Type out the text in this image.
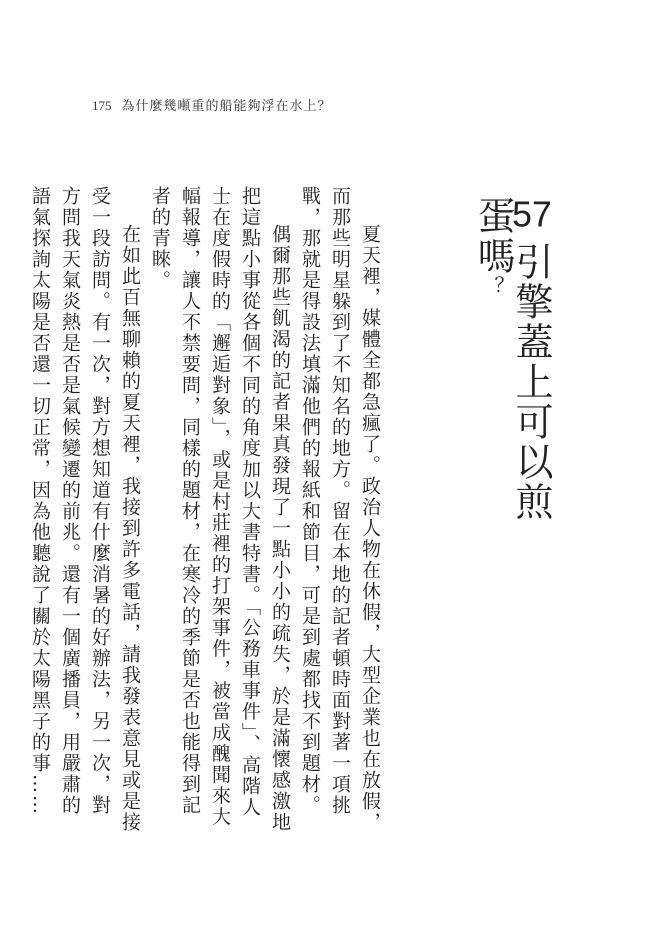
175 為什麼幾噸重的船能夠浮在水上？
57引擎蓋上可以煎蛋嗎？

夏天裡，媒體全都急瘋了。政治人物在休假，大型企業也在放假，而那些明星躲到了不知名的地方。留在本地的記者頓時面對著一項挑戰，那就是得設法填滿他們的報紙和節目，可是到處都找不到題材。

偶爾那些飢渴的記者果真發現了一點小小的疏失，於是滿懷感激地把這點小事從各個不同的角度加以大書特書。「公務車事件」、高階人士在度假時的「邂逅對象」，或是村莊裡的打架事件，被當成醜聞來大幅報導，讓人不禁要問，同樣的題材，在寒冷的季節是否也能得到記者的青睞。

在如此百無聊賴的夏天裡，我接到許多電話，請我發表意見或是接受一段訪問。有一次，對方想知道有什麼消暑的好辦法，另一次，對方問我天氣炎熱是否是氣候變遷的前兆。還有一個廣播員，用嚴肅的語氣探詢太陽是否還一切正常，因為他聽說了關於太陽黑子的事……
